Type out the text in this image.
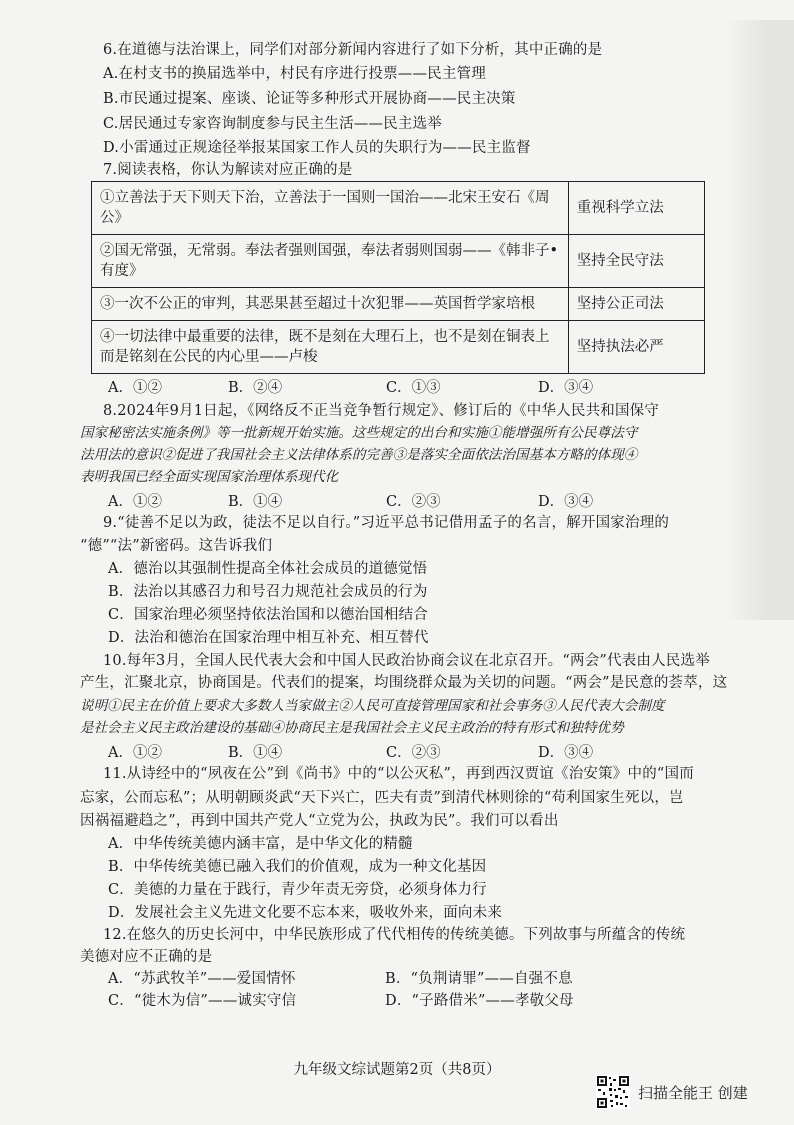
6.在道德与法治课上，同学们对部分新闻内容进行了如下分析，其中正确的是
A.在村支书的换届选举中，村民有序进行投票——民主管理
B.市民通过提案、座谈、论证等多种形式开展协商——民主决策
C.居民通过专家咨询制度参与民主生活——民主选举
D.小雷通过正规途径举报某国家工作人员的失职行为——民主监督
7.阅读表格，你认为解读对应正确的是
①立善法于天下则天下治，立善法于一国则一国治——北宋王安石《周公》	重视科学立法
②国无常强，无常弱。奉法者强则国强，奉法者弱则国弱——《韩非子•有度》	坚持全民守法
③一次不公正的审判，其恶果甚至超过十次犯罪——英国哲学家培根	坚持公正司法
④一切法律中最重要的法律，既不是刻在大理石上，也不是刻在铜表上而是铭刻在公民的内心里——卢梭	坚持执法必严
A．①②	B．②④	C．①③	D．③④
8.2024年9月1日起，《网络反不正当竞争暂行规定》、修订后的《中华人民共和国保守
国家秘密法实施条例》等一批新规开始实施。这些规定的出台和实施①能增强所有公民尊法守
法用法的意识②促进了我国社会主义法律体系的完善③是落实全面依法治国基本方略的体现④
表明我国已经全面实现国家治理体系现代化
A．①②	B．①④	C．②③	D．③④
9.“徒善不足以为政，徒法不足以自行。”习近平总书记借用孟子的名言，解开国家治理的
“德”“法”新密码。这告诉我们
A．德治以其强制性提高全体社会成员的道德觉悟
B．法治以其感召力和号召力规范社会成员的行为
C．国家治理必须坚持依法治国和以德治国相结合
D．法治和德治在国家治理中相互补充、相互替代
10.每年3月，全国人民代表大会和中国人民政治协商会议在北京召开。“两会”代表由人民选举
产生，汇聚北京，协商国是。代表们的提案，均围绕群众最为关切的问题。“两会”是民意的荟萃，这
说明①民主在价值上要求大多数人当家做主②人民可直接管理国家和社会事务③人民代表大会制度
是社会主义民主政治建设的基础④协商民主是我国社会主义民主政治的特有形式和独特优势
A．①②	B．①④	C．②③	D．③④
11.从诗经中的“夙夜在公”到《尚书》中的“以公灭私”，再到西汉贾谊《治安策》中的“国而
忘家，公而忘私”；从明朝顾炎武“天下兴亡，匹夫有责”到清代林则徐的“苟利国家生死以，岂
因祸福避趋之”，再到中国共产党人“立党为公，执政为民”。我们可以看出
A．中华传统美德内涵丰富，是中华文化的精髓
B．中华传统美德已融入我们的价值观，成为一种文化基因
C．美德的力量在于践行，青少年责无旁贷，必须身体力行
D．发展社会主义先进文化要不忘本来，吸收外来，面向未来
12.在悠久的历史长河中，中华民族形成了代代相传的传统美德。下列故事与所蕴含的传统
美德对应不正确的是
A．“苏武牧羊”——爱国情怀	B．“负荆请罪”——自强不息
C．“徙木为信”——诚实守信	D．“子路借米”——孝敬父母
九年级文综试题第2页（共8页）
扫描全能王 创建
